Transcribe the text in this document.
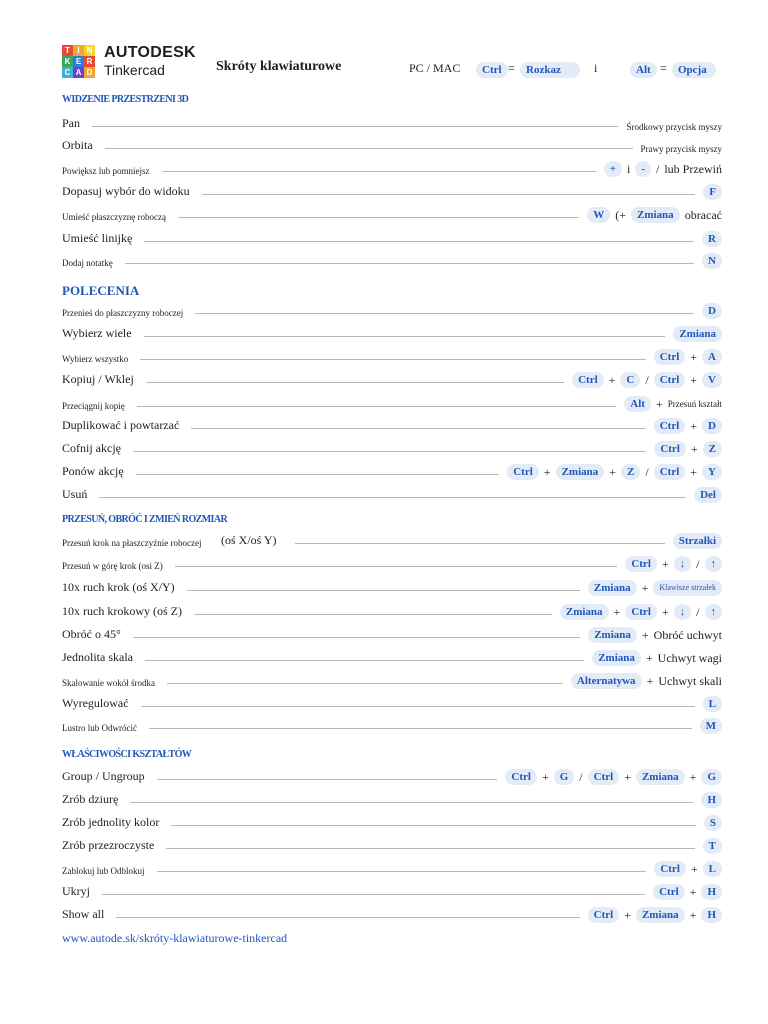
T I N
K E R
C A D
AUTODESK
Tinkercad	Skróty klawiaturowe	PC / MAC	Ctrl =	Rozkaz	i	Alt =	Opcja
WIDZENIE PRZESTRZENI 3D
Pan	Środkowy przycisk myszy
Orbita	Prawy przycisk myszy
Powiększ lub pomniejsz	+ i	- / lub Przewiń
Dopasuj wybór do widoku	F
Umieść płaszczyznę roboczą	W (+	Zmiana obracać
Umieść linijkę	R
Dodaj notatkę	N
POLECENIA
Przenieś do płaszczyzny roboczej	D
Wybierz wiele	Zmiana
Wybierz wszystko	Ctrl +	A
Kopiuj / Wklej	Ctrl +	C /	Ctrl +	V
Przeciągnij kopię	Alt + Przesuń kształt
Duplikować i powtarzać	Ctrl +	D
Cofnij akcję	Ctrl +	Z
Ponów akcję	Ctrl +	Zmiana +	Z /	Ctrl +	Y
Usuń	Del
PRZESUŃ, OBRÓĆ I ZMIEŃ ROZMIAR
Przesuń krok na płaszczyźnie roboczej (oś X/oś Y)	Strzałki
Przesuń w górę krok (osi Z)	Ctrl +	↓ /	↑
10x ruch krok (oś X/Y)	Zmiana +	Klawisze strzałek
10x ruch krokowy (oś Z)	Zmiana +	Ctrl +	↓ /	↑
Obróć o 45°	Zmiana + Obróć uchwyt
Jednolita skala	Zmiana + Uchwyt wagi
Skalowanie wokół środka	Alternatywa + Uchwyt skali
Wyregulować	L
Lustro lub Odwrócić	M
WŁAŚCIWOŚCI KSZTAŁTÓW
Group / Ungroup	Ctrl +	G /	Ctrl +	Zmiana +	G
Zrób dziurę	H
Zrób jednolity kolor	S
Zrób przezroczyste	T
Zablokuj lub Odblokuj	Ctrl +	L
Ukryj	Ctrl +	H
Show all	Ctrl +	Zmiana +	H
www.autode.sk/skróty-klawiaturowe-tinkercad
